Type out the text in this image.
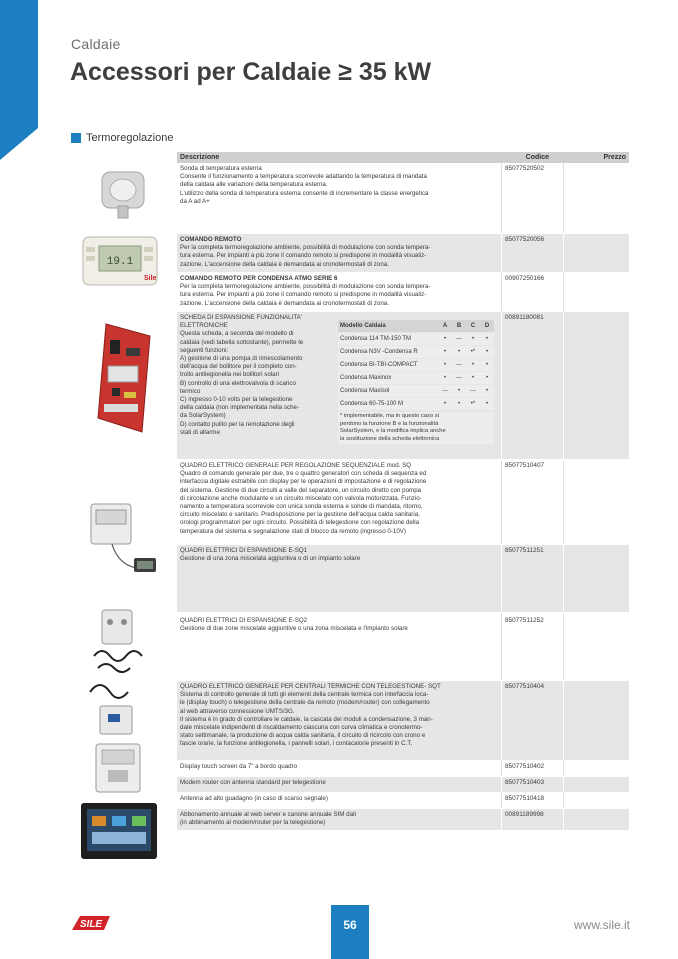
Caldaie
Accessori per Caldaie ≥ 35 kW
Termoregolazione
19.1
Sile
Descrizione	Codice	Prezzo
Sonda di temperatura esterna
Consente il funzionamento a temperatura scorrevole adattando la temperatura di mandata
della caldaia alle variazioni della temperatura esterna.
L'utilizzo della sonda di temperatura esterna consente di incrementare la classe energetica
da A ad A+
85077520502
COMANDO REMOTO
Per la completa termoregolazione ambiente, possibilità di modulazione con sonda tempera-
tura esterna. Per impianti a più zone il comando remoto si predispone in modalità visualiz-
zazione. L'accensione della caldaia è demandata ai cronotermostati di zona.
85077520056
COMANDO REMOTO PER CONDENSA ATMO SERIE 6
Per la completa termoregolazione ambiente, possibilità di modulazione con sonda tempera-
tura esterna. Per impianti a più zone il comando remoto si predispone in modalità visualiz-
zazione. L'accensione della caldaia è demandata ai cronotermostati di zona.
00907250166
SCHEDA DI ESPANSIONE FUNZIONALITA'
ELETTRONICHE
Questa scheda, a seconda del modello di
caldaia (vedi tabella sottostante), permette le
seguenti funzioni:
A) gestione di una pompa di rimescolamento
dell'acqua del bollitore per il completo con-
trollo antilegionella nei bollitori solari
B) controllo di una elettrovalvola di scarico
termico
C) ingresso 0-10 volts per la telegestione
della caldaia (non implementata nella sche-
da SolarSystem)
D) contatto pulito per la remotazione degli
stati di allarme
Modello Caldaia	A	B	C	D
Condensa 114 TM-150 TM	•	---	•	•
Condensa N3V -Condensa R	•	•	•*	•
Condensa BI-TBI-COMPACT	•	---	•	•
Condensa Maxinox	•	---	•	•
Condensa Maxisol	---	•	---	•
Condensa 60-75-100 M	•	•	•*	•
* implementabile, ma in questo caso si
perdono la funzione B e la funzionalità
SolarSystem, e la modifica implica anche
la sostituzione della scheda elettronica
00891180081
QUADRO ELETTRICO GENERALE PER REGOLAZIONE SEQUENZIALE mod. SQ
Quadro di comando generale per due, tre o quattro generatori con scheda di sequenza ed
interfaccia digitale estraibile con display per le operazioni di impostazione e di regolazione
del sistema. Gestione di due circuiti a valle del separatore, un circuito diretto con pompa
di circolazione anche modulante e un circuito miscelato con valvola motorizzata. Funzio-
namento a temperatura scorrevole con unica sonda esterna e sonde di mandata, ritorno,
circuito miscelato e sanitario. Predisposizione per la gestione dell'acqua calda sanitaria,
orologi programmatori per ogni circuito. Possibilità di telegestione con regolazione della
temperatura del sistema e segnalazione stati di blocco da remoto (ingresso 0-10V)
85077510407
QUADRI ELETTRICI DI ESPANSIONE E-SQ1
Gestione di una zona miscelata aggiuntiva o di un impianto solare
85077511251
QUADRI ELETTRICI DI ESPANSIONE E-SQ2
Gestione di due zone miscelate aggiuntive o una zona miscelata e l'impianto solare
85077511252
QUADRO ELETTRICO GENERALE PER CENTRALI TERMICHE CON TELEGESTIONE- SQT
Sistema di controllo generale di tutti gli elementi della centrale termica con interfaccia loca-
le (display touch) o telegestione della centrale da remoto (modem/router) con collegamento
al web attraverso connessione UMTS/3G.
Il sistema è in grado di controllare le caldaie, la cascata dei moduli a condensazione, 3 man-
date miscelate indipendenti di riscaldamento ciascuna con curva climatica e cronotermo-
stato settimanale, la produzione di acqua calda sanitaria, il circuito di ricircolo con crono e
fascie orarie, la funzione antilegionella, i pannelli solari, i contacalorie presenti in C.T.
85077510404
Display touch screen da 7" a bordo quadro	85077510402
Modem router con antenna standard per telegestione	85077510403
Antenna ad alto guadagno (in caso di scarso segnale)	85077510418
Abbonamento annuale al web server e canone annuale SIM dati
(in abbinamento al modem/router per la telegestione)
00891189998
SILE	56	www.sile.it
